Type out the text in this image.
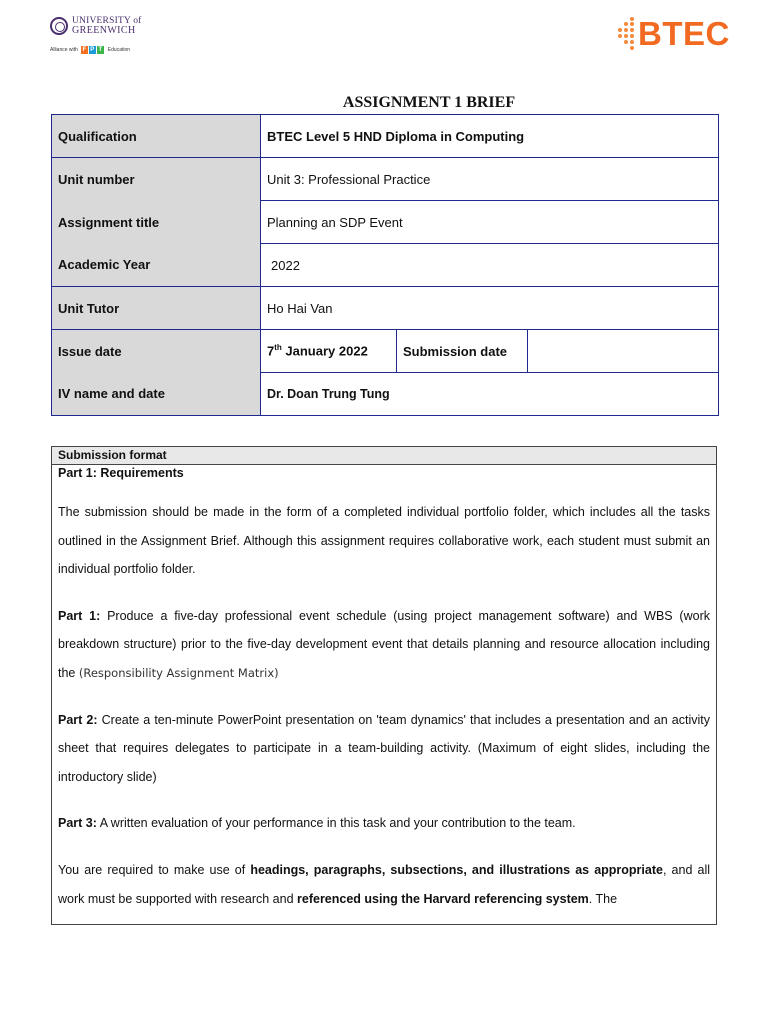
UNIVERSITY of
GREENWICH
Alliance with F P T	Education	BTEC
ASSIGNMENT 1 BRIEF
Qualification	BTEC Level 5 HND Diploma in Computing		
Unit number	Unit 3: Professional Practice		
Assignment title	Planning an SDP Event		
Academic Year	2022		
Unit Tutor	Ho Hai Van		
Issue date	7th January 2022	Submission date	
IV name and date	Dr. Doan Trung Tung		
Submission format

Part 1: Requirements

The submission should be made in the form of a completed individual portfolio folder, which includes all the tasks outlined in the Assignment Brief. Although this assignment requires collaborative work, each student must submit an individual portfolio folder.

Part 1: Produce a five-day professional event schedule (using project management software) and WBS (work breakdown structure) prior to the five-day development event that details planning and resource allocation including the (Responsibility Assignment Matrix)

Part 2: Create a ten-minute PowerPoint presentation on 'team dynamics' that includes a presentation and an activity sheet that requires delegates to participate in a team-building activity. (Maximum of eight slides, including the introductory slide)

Part 3: A written evaluation of your performance in this task and your contribution to the team.

You are required to make use of headings, paragraphs, subsections, and illustrations as appropriate, and all work must be supported with research and referenced using the Harvard referencing system. The
